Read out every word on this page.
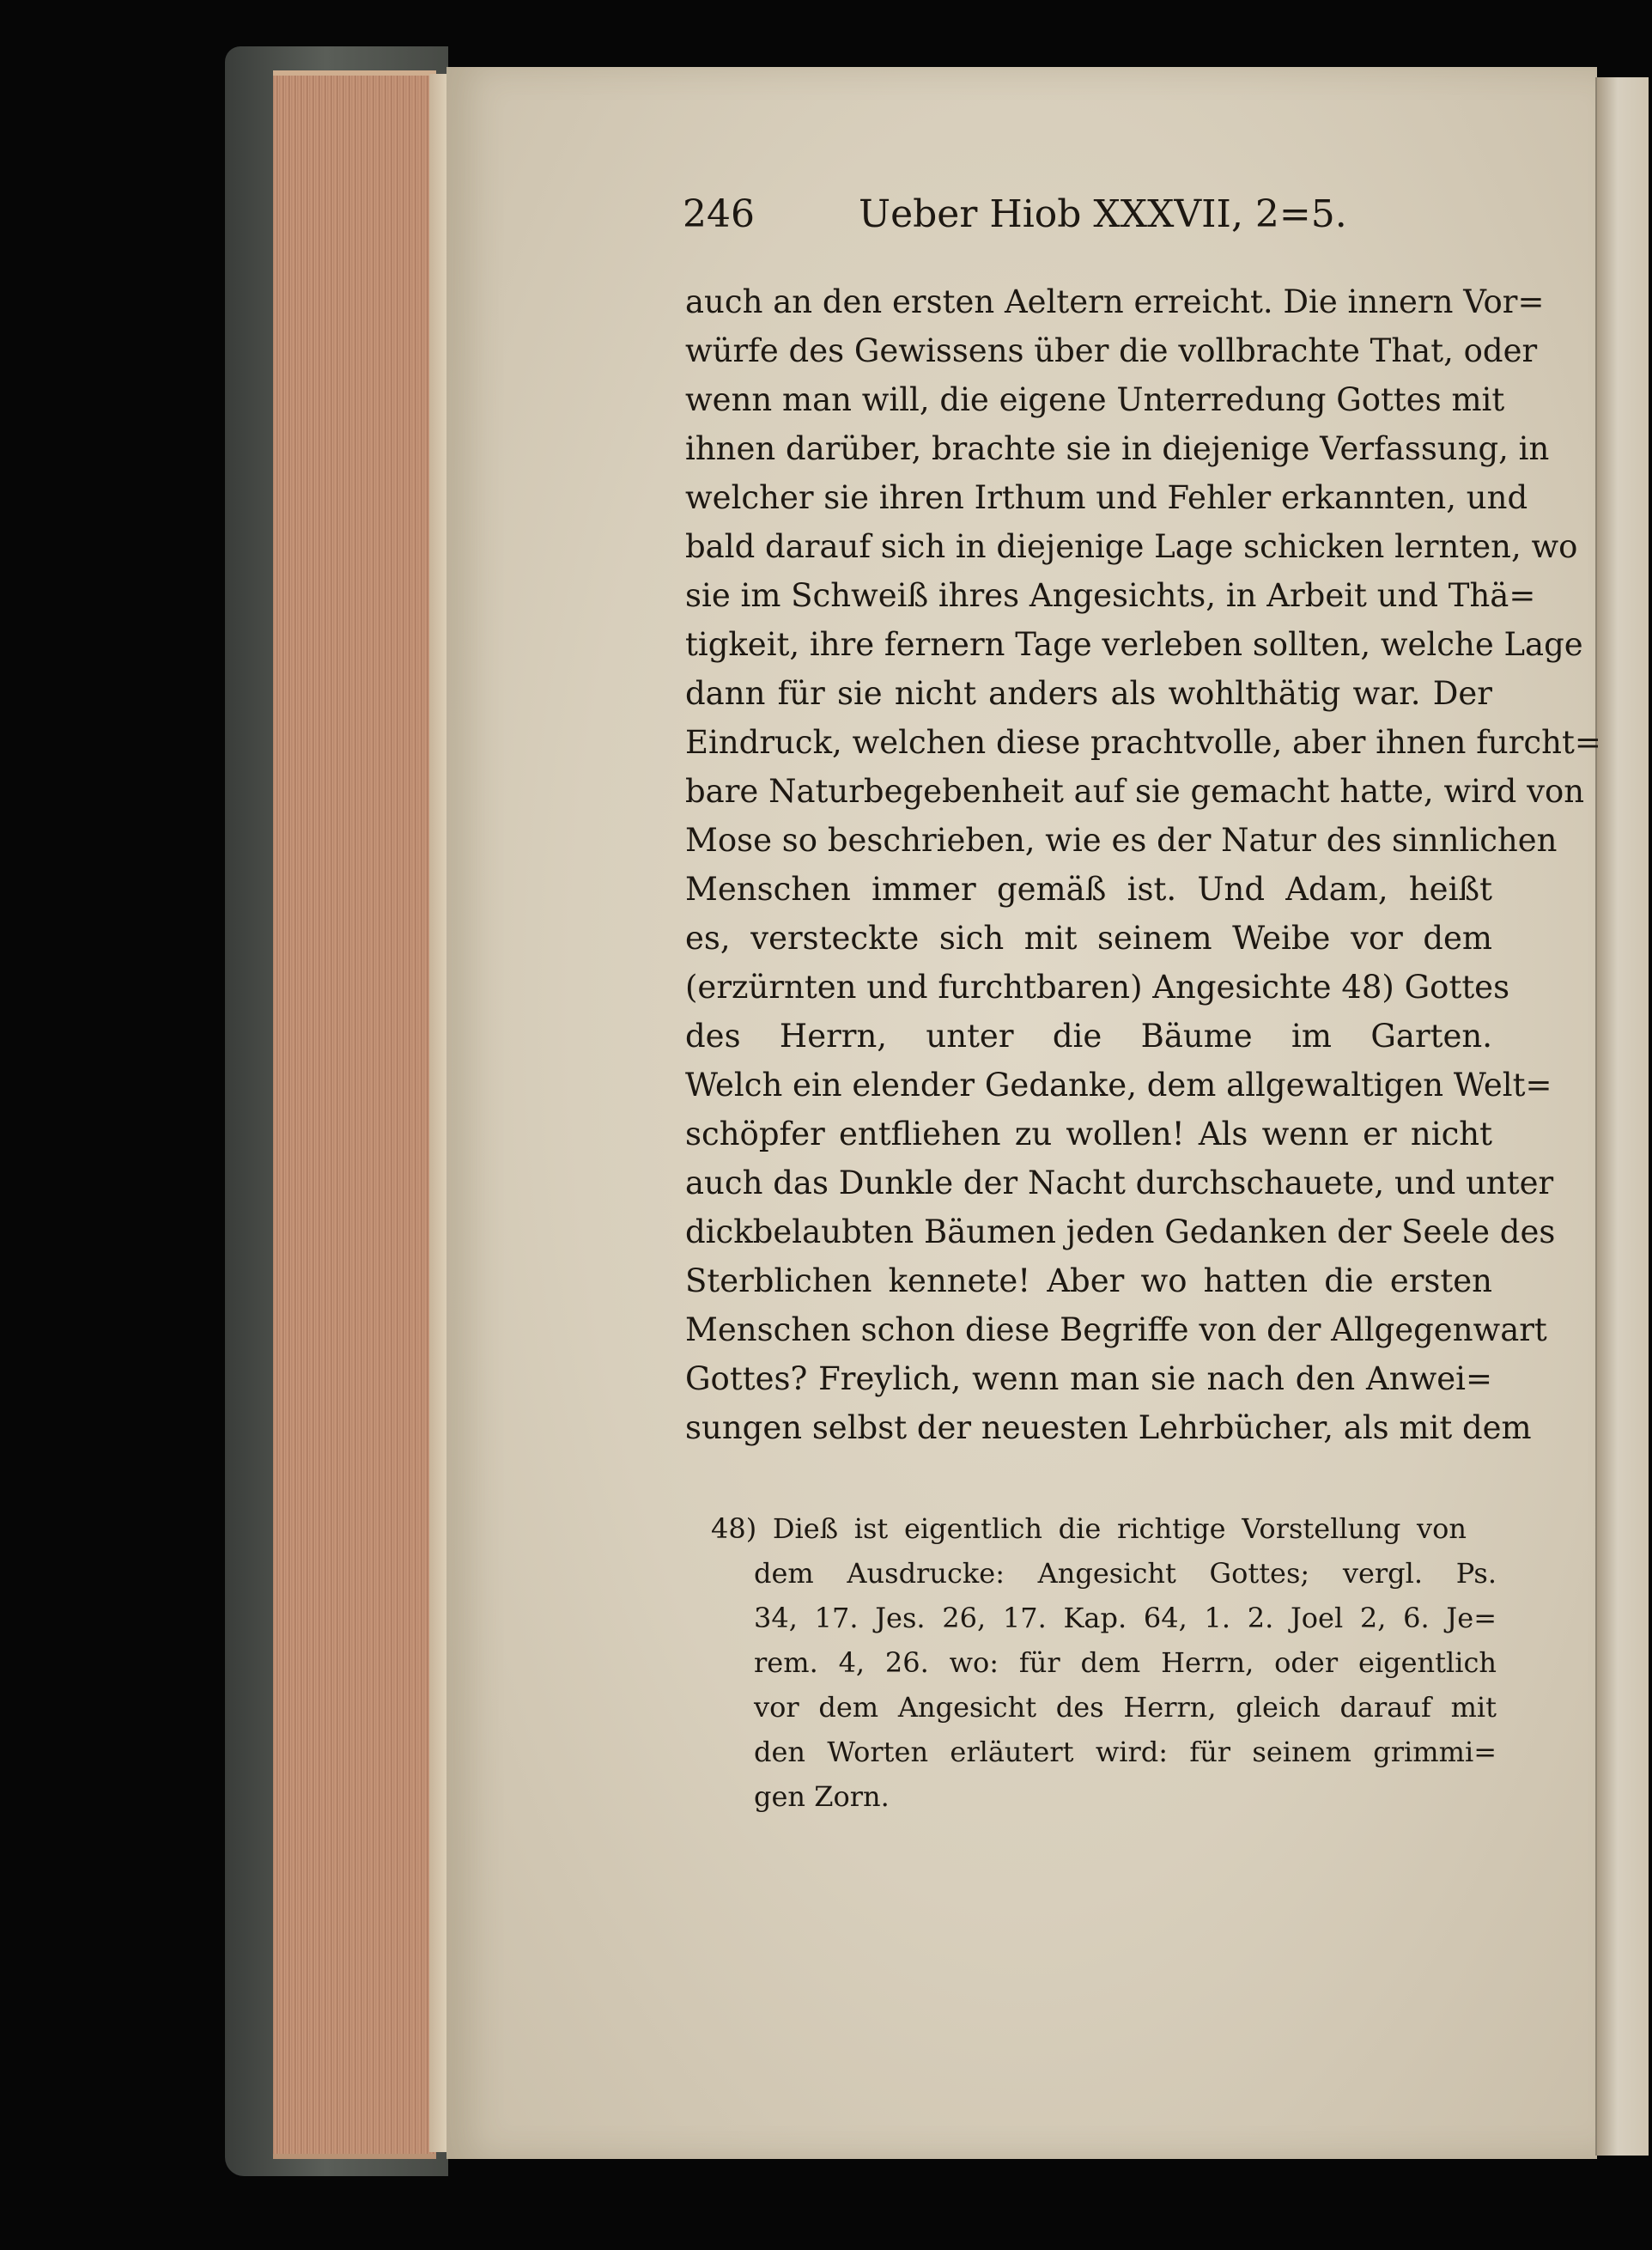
246	Ueber Hiob XXXVII, 2=5.
auch an den ersten Aeltern erreicht. Die innern Vor=
würfe des Gewissens über die vollbrachte That, oder
wenn man will, die eigene Unterredung Gottes mit
ihnen darüber, brachte sie in diejenige Verfassung, in
welcher sie ihren Irthum und Fehler erkannten, und
bald darauf sich in diejenige Lage schicken lernten, wo
sie im Schweiß ihres Angesichts, in Arbeit und Thä=
tigkeit, ihre fernern Tage verleben sollten, welche Lage
dann für sie nicht anders als wohlthätig war. Der
Eindruck, welchen diese prachtvolle, aber ihnen furcht=
bare Naturbegebenheit auf sie gemacht hatte, wird von
Mose so beschrieben, wie es der Natur des sinnlichen
Menschen immer gemäß ist. Und Adam, heißt
es, versteckte sich mit seinem Weibe vor dem
(erzürnten und furchtbaren) Angesichte 48) Gottes
des Herrn, unter die Bäume im Garten.
Welch ein elender Gedanke, dem allgewaltigen Welt=
schöpfer entfliehen zu wollen! Als wenn er nicht
auch das Dunkle der Nacht durchschauete, und unter
dickbelaubten Bäumen jeden Gedanken der Seele des
Sterblichen kennete! Aber wo hatten die ersten
Menschen schon diese Begriffe von der Allgegenwart
Gottes? Freylich, wenn man sie nach den Anwei=
sungen selbst der neuesten Lehrbücher, als mit dem
48) Dieß ist eigentlich die richtige Vorstellung von
dem Ausdrucke: Angesicht Gottes; vergl. Ps.
34, 17. Jes. 26, 17. Kap. 64, 1. 2. Joel 2, 6. Je=
rem. 4, 26. wo: für dem Herrn, oder eigentlich
vor dem Angesicht des Herrn, gleich darauf mit
den Worten erläutert wird: für seinem grimmi=
gen Zorn.
